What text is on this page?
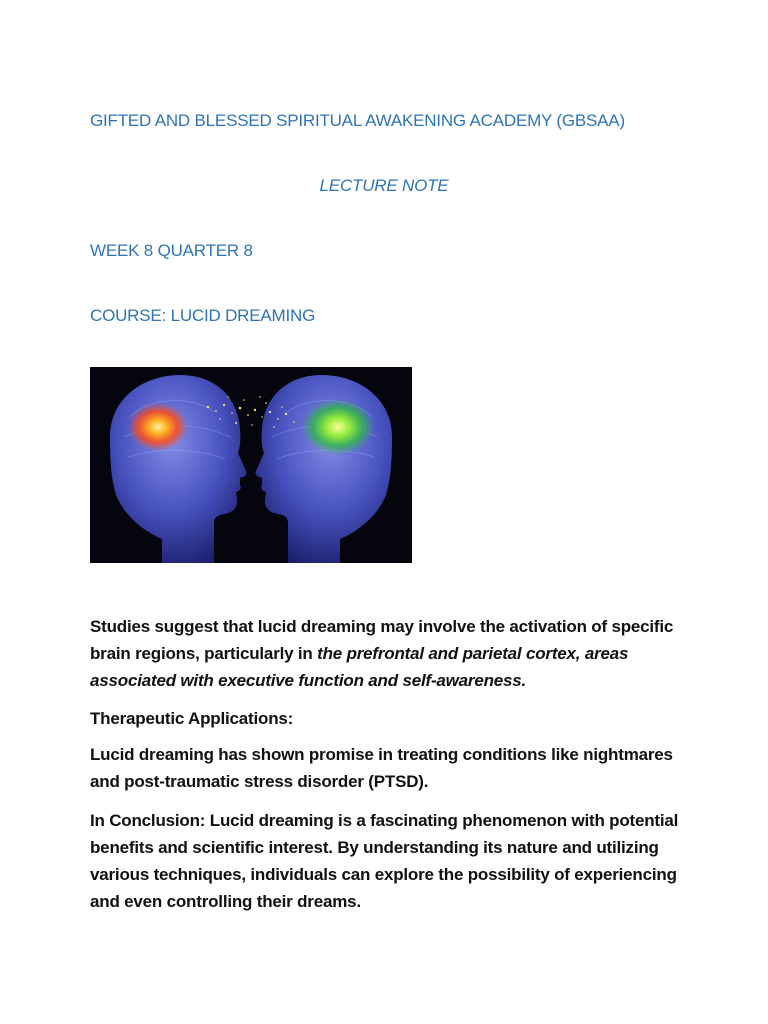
GIFTED AND BLESSED SPIRITUAL AWAKENING ACADEMY (GBSAA)
LECTURE NOTE
WEEK 8 QUARTER 8
COURSE: LUCID DREAMING

Studies suggest that lucid dreaming may involve the activation of specific brain regions, particularly in the prefrontal and parietal cortex, areas associated with executive function and self-awareness.

Therapeutic Applications:

Lucid dreaming has shown promise in treating conditions like nightmares and post-traumatic stress disorder (PTSD).

In Conclusion: Lucid dreaming is a fascinating phenomenon with potential benefits and scientific interest. By understanding its nature and utilizing various techniques, individuals can explore the possibility of experiencing and even controlling their dreams.
